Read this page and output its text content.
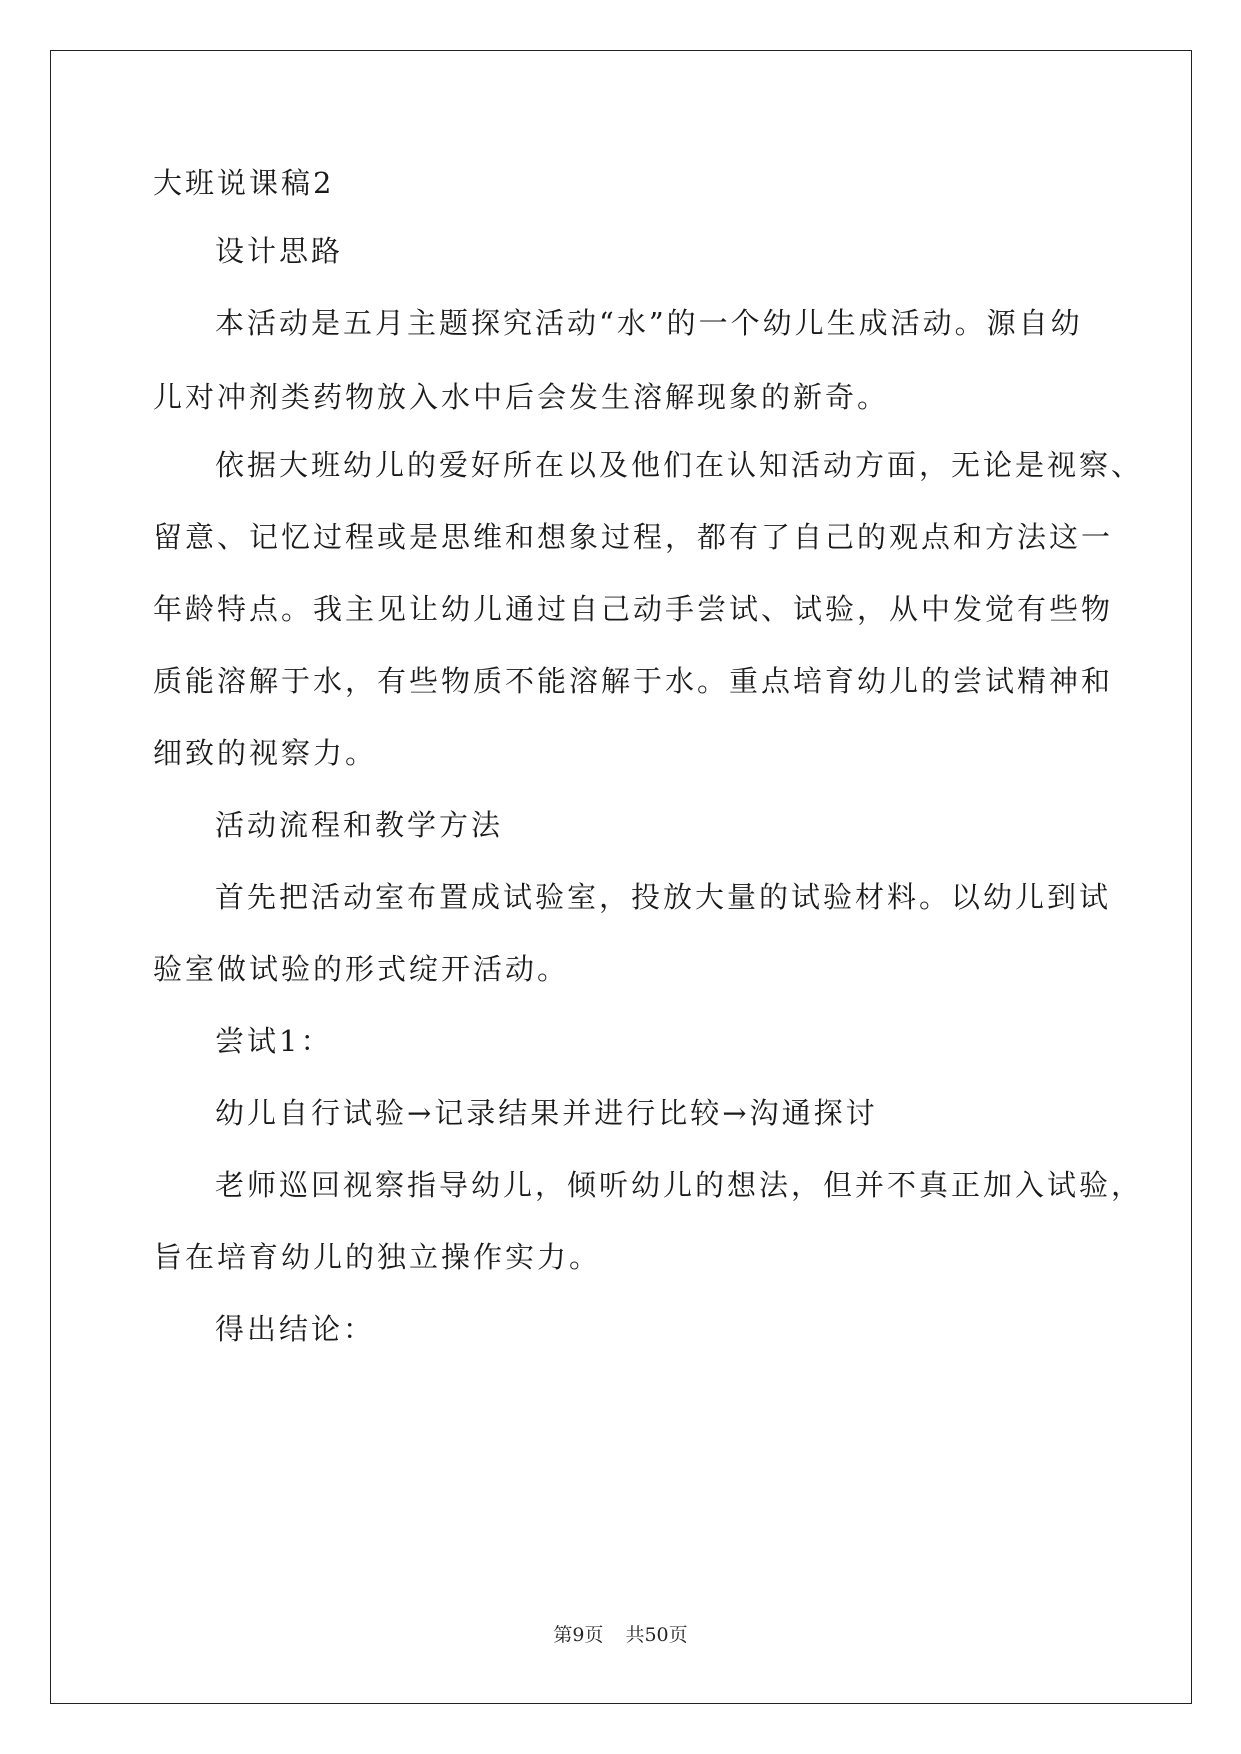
大班说课稿2
设计思路
本活动是五月主题探究活动“水”的一个幼儿生成活动。源自幼
儿对冲剂类药物放入水中后会发生溶解现象的新奇。
依据大班幼儿的爱好所在以及他们在认知活动方面，无论是视察、
留意、记忆过程或是思维和想象过程，都有了自己的观点和方法这一
年龄特点。我主见让幼儿通过自己动手尝试、试验，从中发觉有些物
质能溶解于水，有些物质不能溶解于水。重点培育幼儿的尝试精神和
细致的视察力。
活动流程和教学方法
首先把活动室布置成试验室，投放大量的试验材料。以幼儿到试
验室做试验的形式绽开活动。
尝试1：
幼儿自行试验→记录结果并进行比较→沟通探讨
老师巡回视察指导幼儿，倾听幼儿的想法，但并不真正加入试验，
旨在培育幼儿的独立操作实力。
得出结论：
第9页 共50页
